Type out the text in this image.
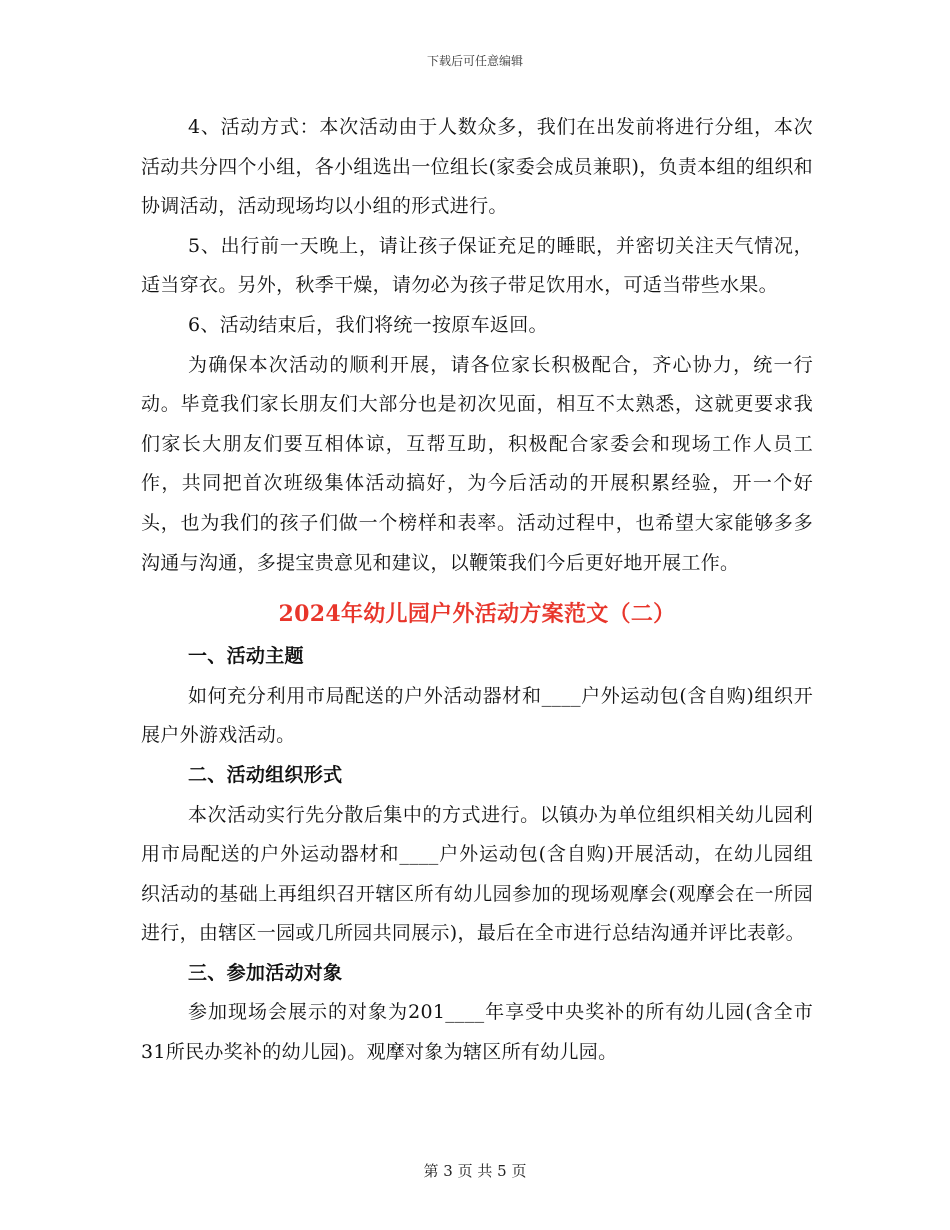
下载后可任意编辑

4、活动方式：本次活动由于人数众多，我们在出发前将进行分组，本次活动共分四个小组，各小组选出一位组长(家委会成员兼职)，负责本组的组织和协调活动，活动现场均以小组的形式进行。

5、出行前一天晚上，请让孩子保证充足的睡眠，并密切关注天气情况，适当穿衣。另外，秋季干燥，请勿必为孩子带足饮用水，可适当带些水果。

6、活动结束后，我们将统一按原车返回。

为确保本次活动的顺利开展，请各位家长积极配合，齐心协力，统一行动。毕竟我们家长朋友们大部分也是初次见面，相互不太熟悉，这就更要求我们家长大朋友们要互相体谅，互帮互助，积极配合家委会和现场工作人员工作，共同把首次班级集体活动搞好，为今后活动的开展积累经验，开一个好头，也为我们的孩子们做一个榜样和表率。活动过程中，也希望大家能够多多沟通与沟通，多提宝贵意见和建议，以鞭策我们今后更好地开展工作。

2024年幼儿园户外活动方案范文（二）

一、活动主题

如何充分利用市局配送的户外活动器材和____户外运动包(含自购)组织开展户外游戏活动。

二、活动组织形式

本次活动实行先分散后集中的方式进行。以镇办为单位组织相关幼儿园利用市局配送的户外运动器材和____户外运动包(含自购)开展活动，在幼儿园组织活动的基础上再组织召开辖区所有幼儿园参加的现场观摩会(观摩会在一所园进行，由辖区一园或几所园共同展示)，最后在全市进行总结沟通并评比表彰。

三、参加活动对象

参加现场会展示的对象为201____年享受中央奖补的所有幼儿园(含全市31所民办奖补的幼儿园)。观摩对象为辖区所有幼儿园。

第 3 页 共 5 页
